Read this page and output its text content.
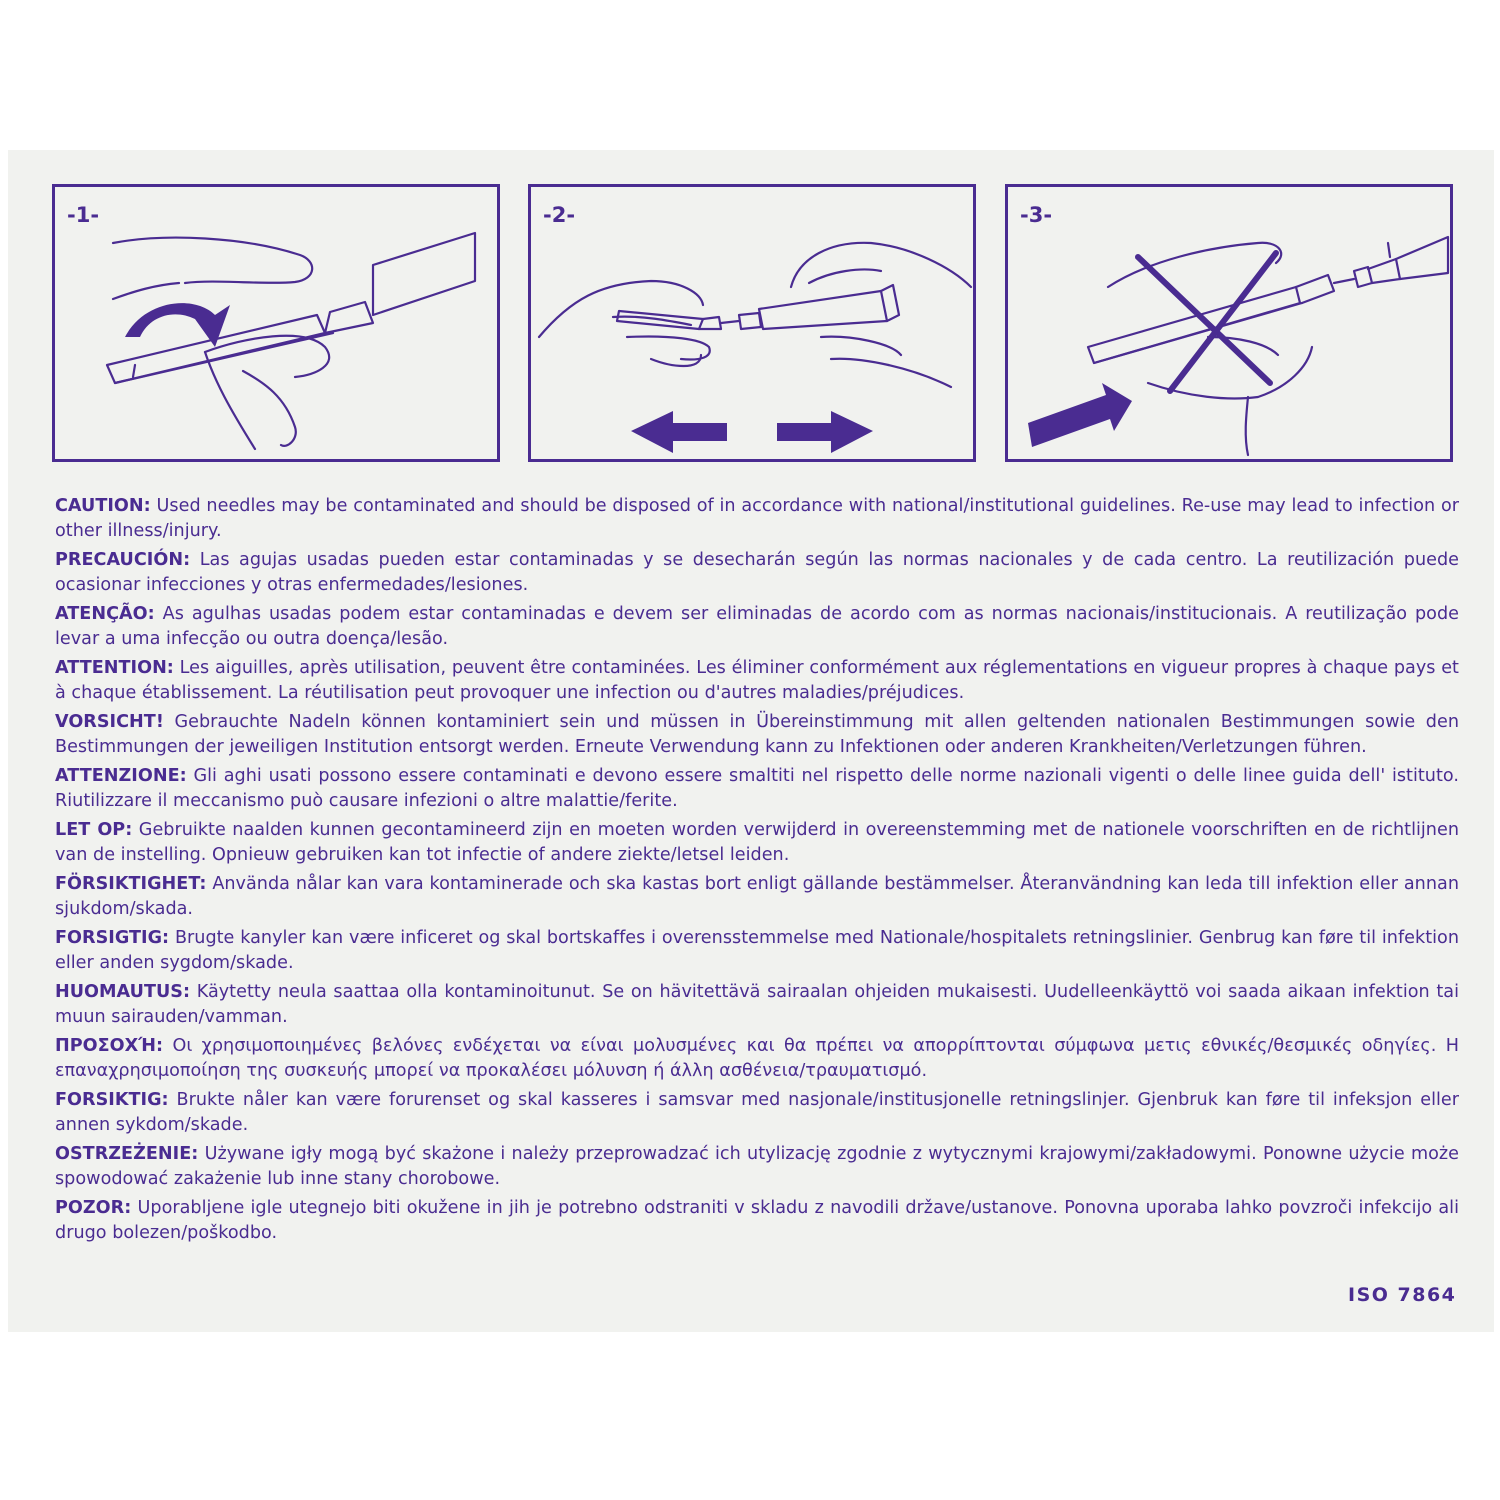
-1-	-2-	-3-

CAUTION: Used needles may be contaminated and should be disposed of in accordance with national/institutional guidelines. Re-use may lead to infection or other illness/injury.

PRECAUCIÓN: Las agujas usadas pueden estar contaminadas y se desecharán según las normas nacionales y de cada centro. La reutilización puede ocasionar infecciones y otras enfermedades/lesiones.

ATENÇÃO: As agulhas usadas podem estar contaminadas e devem ser eliminadas de acordo com as normas nacionais/institucionais. A reutilização pode levar a uma infecção ou outra doença/lesão.

ATTENTION: Les aiguilles, après utilisation, peuvent être contaminées. Les éliminer conformément aux réglementations en vigueur propres à chaque pays et à chaque établissement. La réutilisation peut provoquer une infection ou d'autres maladies/préjudices.

VORSICHT! Gebrauchte Nadeln können kontaminiert sein und müssen in Übereinstimmung mit allen geltenden nationalen Bestimmungen sowie den Bestimmungen der jeweiligen Institution entsorgt werden. Erneute Verwendung kann zu Infektionen oder anderen Krankheiten/Verletzungen führen.

ATTENZIONE: Gli aghi usati possono essere contaminati e devono essere smaltiti nel rispetto delle norme nazionali vigenti o delle linee guida dell' istituto. Riutilizzare il meccanismo può causare infezioni o altre malattie/ferite.

LET OP: Gebruikte naalden kunnen gecontamineerd zijn en moeten worden verwijderd in overeenstemming met de nationele voorschriften en de richtlijnen van de instelling. Opnieuw gebruiken kan tot infectie of andere ziekte/letsel leiden.

FÖRSIKTIGHET: Använda nålar kan vara kontaminerade och ska kastas bort enligt gällande bestämmelser. Återanvändning kan leda till infektion eller annan sjukdom/skada.

FORSIGTIG: Brugte kanyler kan være inficeret og skal bortskaffes i overensstemmelse med Nationale/hospitalets retningslinier. Genbrug kan føre til infektion eller anden sygdom/skade.

HUOMAUTUS: Käytetty neula saattaa olla kontaminoitunut. Se on hävitettävä sairaalan ohjeiden mukaisesti. Uudelleenkäyttö voi saada aikaan infektion tai muun sairauden/vamman.

ΠΡΟΣΟΧΉ: Οι χρησιμοποιημένες βελόνες ενδέχεται να είναι μολυσμένες και θα πρέπει να απορρίπτονται σύμφωνα μετις εθνικές/θεσμικές οδηγίες. Η επαναχρησιμοποίηση της συσκευής μπορεί να προκαλέσει μόλυνση ή άλλη ασθένεια/τραυματισμό.

FORSIKTIG: Brukte nåler kan være forurenset og skal kasseres i samsvar med nasjonale/institusjonelle retningslinjer. Gjenbruk kan føre til infeksjon eller annen sykdom/skade.

OSTRZEŻENIE: Używane igły mogą być skażone i należy przeprowadzać ich utylizację zgodnie z wytycznymi krajowymi/zakładowymi. Ponowne użycie może spowodować zakażenie lub inne stany chorobowe.

POZOR: Uporabljene igle utegnejo biti okužene in jih je potrebno odstraniti v skladu z navodili države/ustanove. Ponovna uporaba lahko povzroči infekcijo ali drugo bolezen/poškodbo.

ISO 7864
